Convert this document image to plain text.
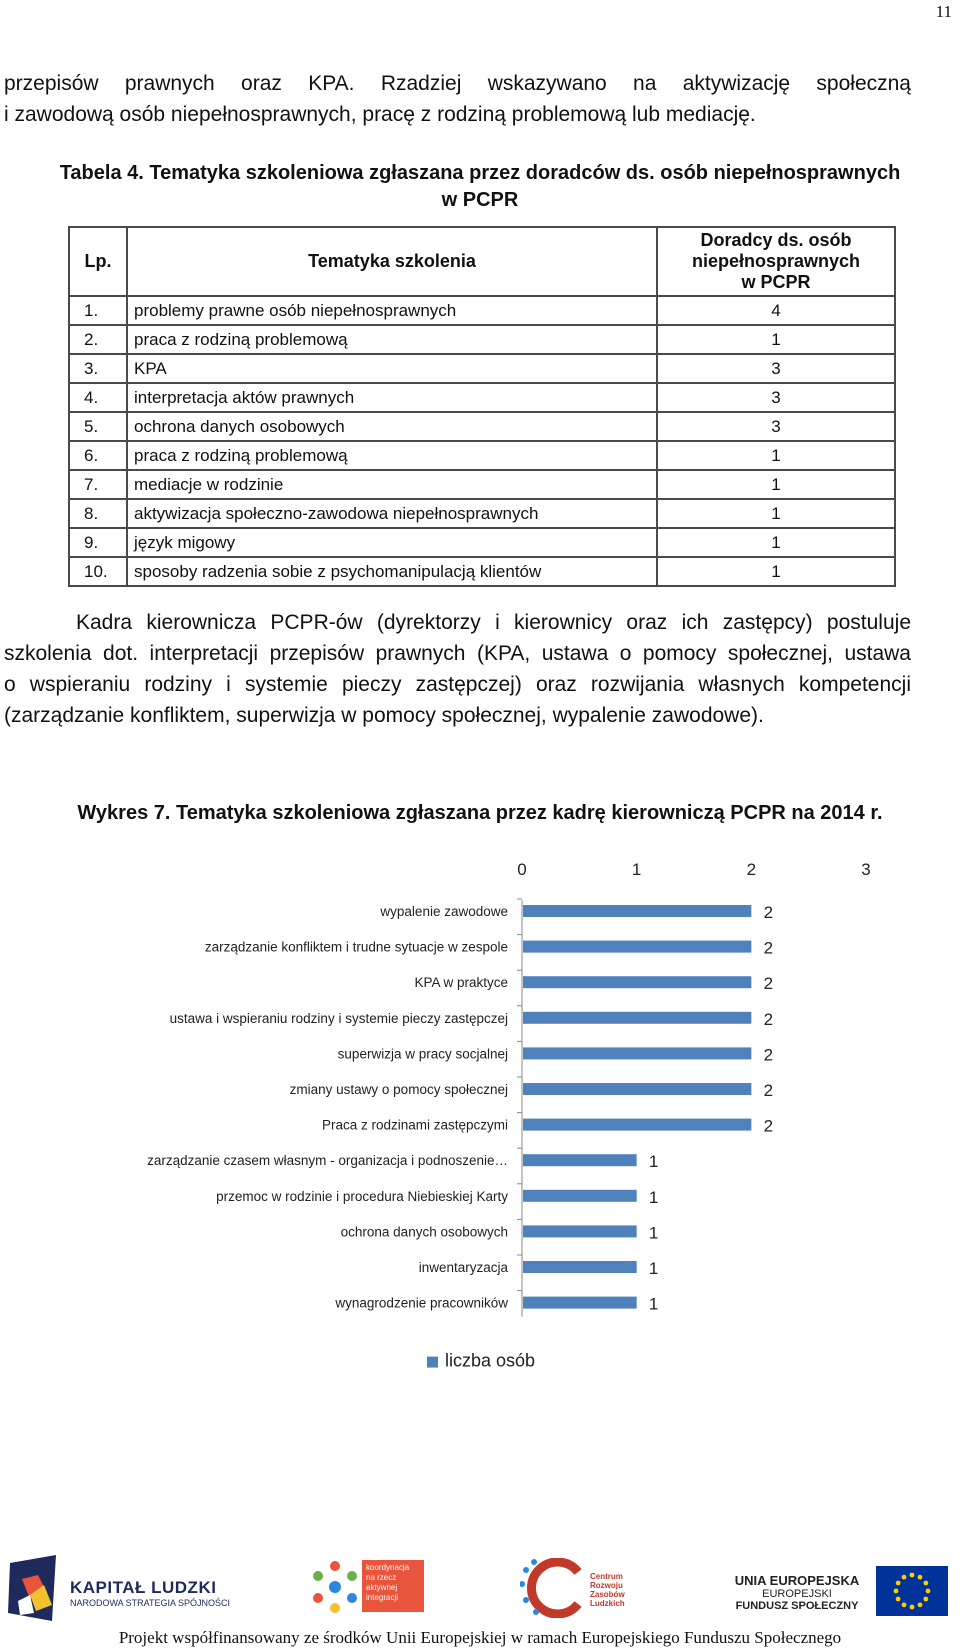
11
przepisów prawnych oraz KPA. Rzadziej wskazywano na aktywizację społeczną
i zawodową osób niepełnosprawnych, pracę z rodziną problemową lub mediację.
Tabela 4. Tematyka szkoleniowa zgłaszana przez doradców ds. osób niepełnosprawnych
w PCPR
Lp.	Tematyka szkolenia	Doradcy ds. osób
niepełnosprawnych
w PCPR

1.	problemy prawne osób niepełnosprawnych	4
2.	praca z rodziną problemową	1
3.	KPA	3
4.	interpretacja aktów prawnych	3
5.	ochrona danych osobowych	3
6.	praca z rodziną problemową	1
7.	mediacje w rodzinie	1
8.	aktywizacja społeczno-zawodowa niepełnosprawnych	1
9.	język migowy	1
10.	sposoby radzenia sobie z psychomanipulacją klientów	1
Kadra kierownicza PCPR-ów (dyrektorzy i kierownicy oraz ich zastępcy) postuluje
szkolenia dot. interpretacji przepisów prawnych (KPA, ustawa o pomocy społecznej, ustawa
o wspieraniu rodziny i systemie pieczy zastępczej) oraz rozwijania własnych kompetencji
(zarządzanie konfliktem, superwizja w pomocy społecznej, wypalenie zawodowe).
Wykres 7. Tematyka szkoleniowa zgłaszana przez kadrę kierowniczą PCPR na 2014 r.
0	1	2	3
wypalenie zawodowe	2
zarządzanie konfliktem i trudne sytuacje w zespole	2
KPA w praktyce	2
ustawa i wspieraniu rodziny i systemie pieczy zastępczej	2
superwizja w pracy socjalnej	2
zmiany ustawy o pomocy społecznej	2
Praca z rodzinami zastępczymi	2
zarządzanie czasem własnym - organizacja i podnoszenie…	1
przemoc w rodzinie i procedura Niebieskiej Karty	1
ochrona danych osobowych	1
inwentaryzacja	1
wynagrodzenie pracowników	1
liczba osób
KAPITAŁ LUDZKI
NARODOWA STRATEGIA SPÓJNOŚCI
koordynacja
na rzecz
aktywnej
integracji
Centrum
Rozwoju
Zasobów
Ludzkich
UNIA EUROPEJSKA
EUROPEJSKI
FUNDUSZ SPOŁECZNY
Projekt współfinansowany ze środków Unii Europejskiej w ramach Europejskiego Funduszu Społecznego
